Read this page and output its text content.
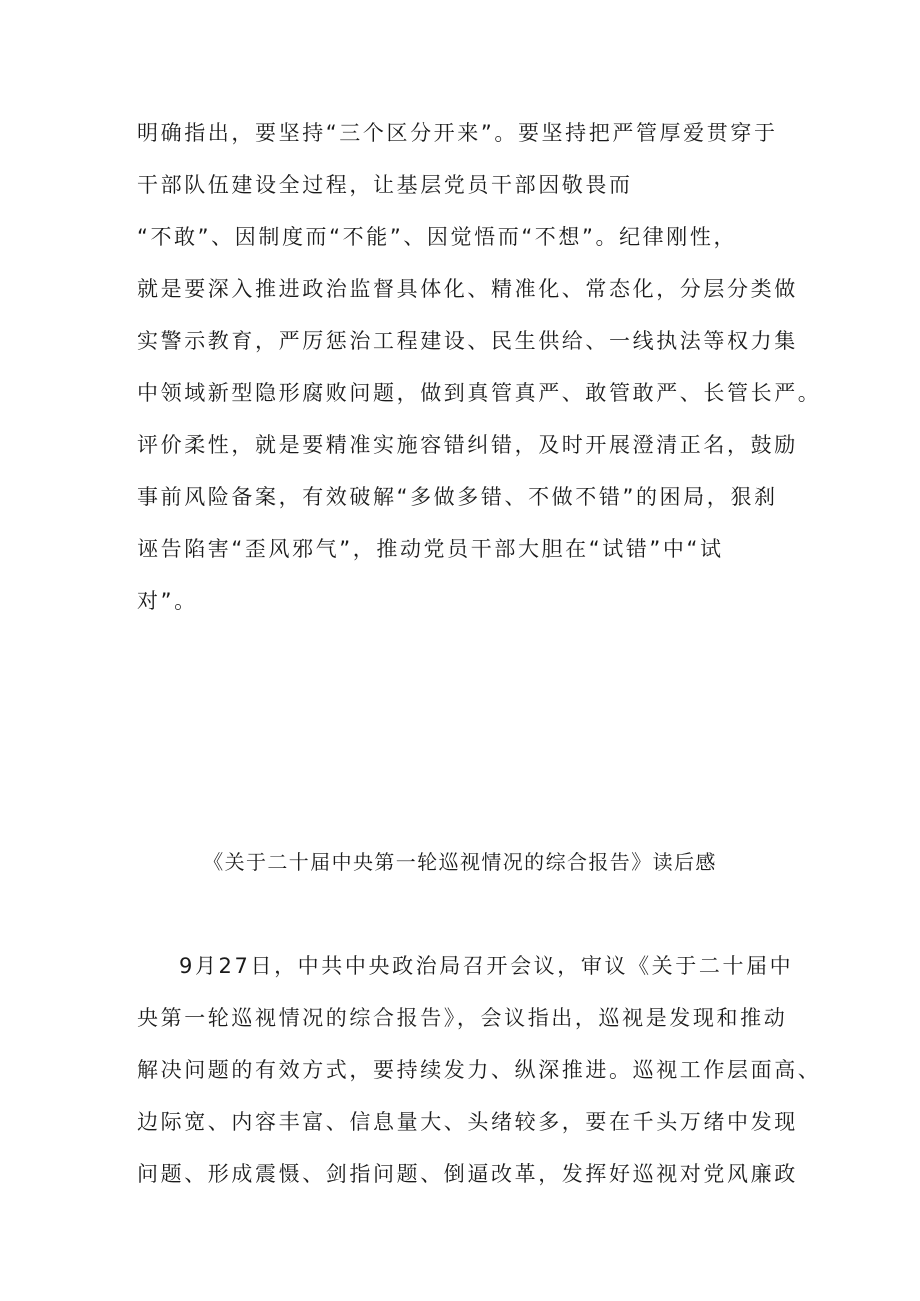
明确指出，要坚持“三个区分开来”。要坚持把严管厚爱贯穿于
干部队伍建设全过程，让基层党员干部因敬畏而
“不敢”、因制度而“不能”、因觉悟而“不想”。纪律刚性，
就是要深入推进政治监督具体化、精准化、常态化，分层分类做
实警示教育，严厉惩治工程建设、民生供给、一线执法等权力集
中领域新型隐形腐败问题，做到真管真严、敢管敢严、长管长严。
评价柔性，就是要精准实施容错纠错，及时开展澄清正名，鼓励
事前风险备案，有效破解“多做多错、不做不错”的困局，狠刹
诬告陷害“歪风邪气”，推动党员干部大胆在“试错”中“试
对”。
《关于二十届中央第一轮巡视情况的综合报告》读后感
9月27日，中共中央政治局召开会议，审议《关于二十届中
央第一轮巡视情况的综合报告》，会议指出，巡视是发现和推动
解决问题的有效方式，要持续发力、纵深推进。巡视工作层面高、
边际宽、内容丰富、信息量大、头绪较多，要在千头万绪中发现
问题、形成震慑、剑指问题、倒逼改革，发挥好巡视对党风廉政
